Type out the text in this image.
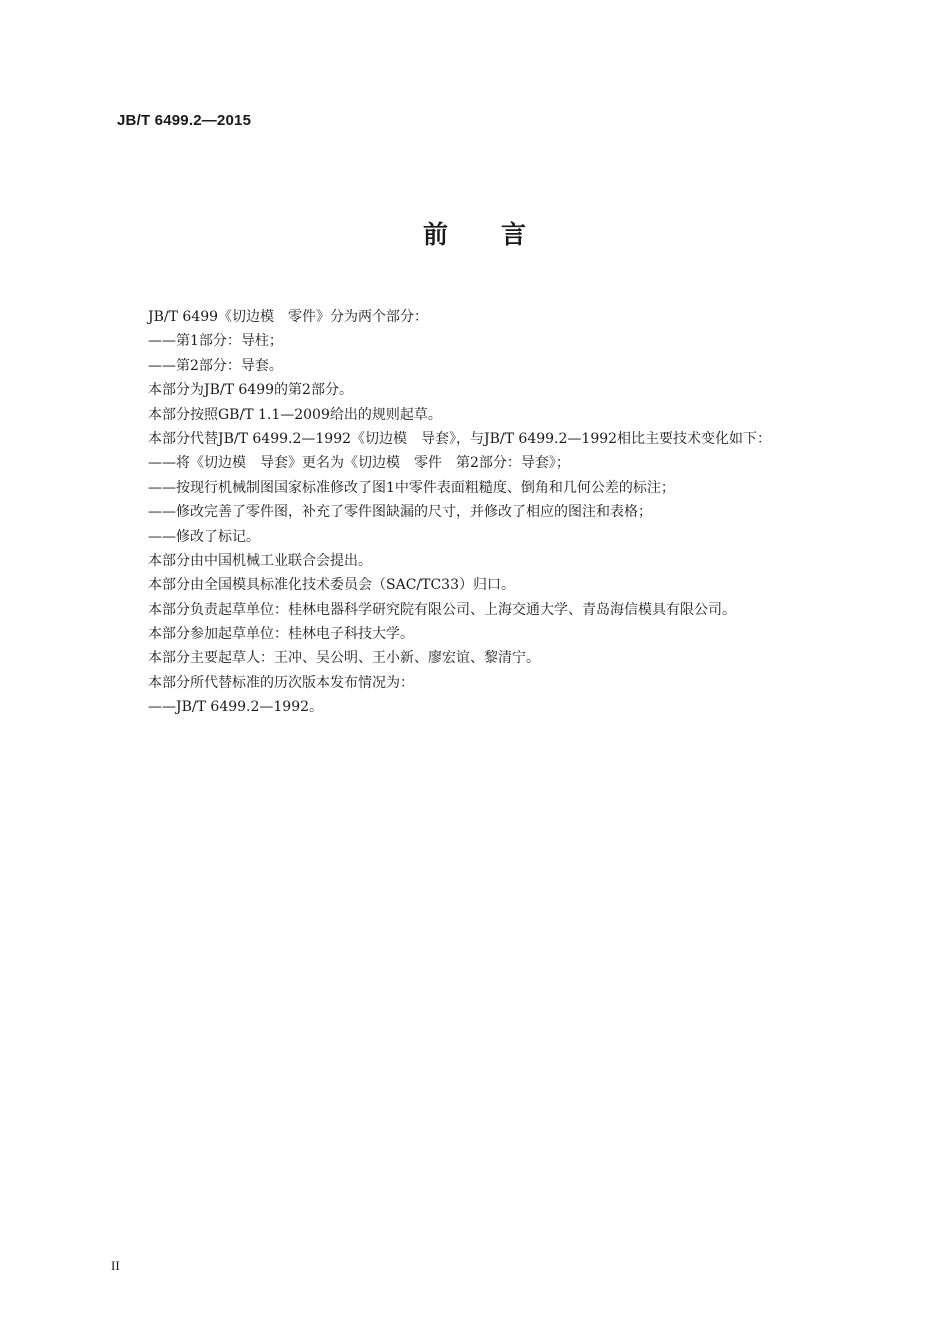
JB/T 6499.2—2015
前　　言
JB/T 6499《切边模　零件》分为两个部分：
——第1部分：导柱；
——第2部分：导套。
本部分为JB/T 6499的第2部分。
本部分按照GB/T 1.1—2009给出的规则起草。
本部分代替JB/T 6499.2—1992《切边模　导套》，与JB/T 6499.2—1992相比主要技术变化如下：
——将《切边模　导套》更名为《切边模　零件　第2部分：导套》；
——按现行机械制图国家标准修改了图1中零件表面粗糙度、倒角和几何公差的标注；
——修改完善了零件图，补充了零件图缺漏的尺寸，并修改了相应的图注和表格；
——修改了标记。
本部分由中国机械工业联合会提出。
本部分由全国模具标准化技术委员会（SAC/TC33）归口。
本部分负责起草单位：桂林电器科学研究院有限公司、上海交通大学、青岛海信模具有限公司。
本部分参加起草单位：桂林电子科技大学。
本部分主要起草人：王冲、吴公明、王小新、廖宏谊、黎清宁。
本部分所代替标准的历次版本发布情况为：
——JB/T 6499.2—1992。
II
